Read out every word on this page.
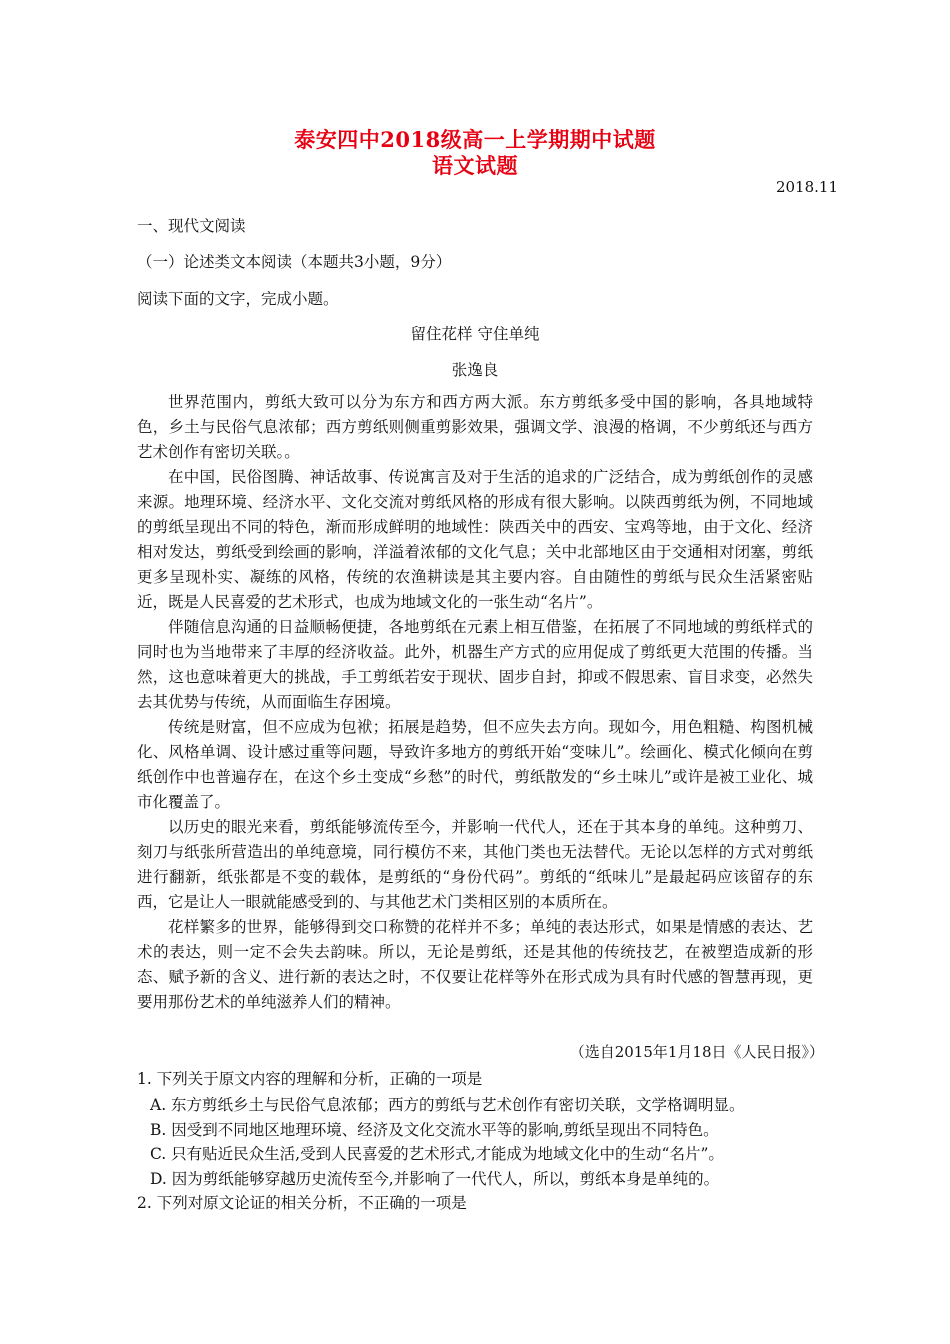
泰安四中2018级高一上学期期中试题
语文试题
2018.11
一、现代文阅读
（一）论述类文本阅读（本题共3小题，9分）
阅读下面的文字，完成小题。
留住花样 守住单纯
张逸良

世界范围内，剪纸大致可以分为东方和西方两大派。东方剪纸多受中国的影响，各具地域特色，乡土与民俗气息浓郁；西方剪纸则侧重剪影效果，强调文学、浪漫的格调，不少剪纸还与西方艺术创作有密切关联。。

在中国，民俗图腾、神话故事、传说寓言及对于生活的追求的广泛结合，成为剪纸创作的灵感来源。地理环境、经济水平、文化交流对剪纸风格的形成有很大影响。以陕西剪纸为例，不同地域的剪纸呈现出不同的特色，渐而形成鲜明的地域性：陕西关中的西安、宝鸡等地，由于文化、经济相对发达，剪纸受到绘画的影响，洋溢着浓郁的文化气息；关中北部地区由于交通相对闭塞，剪纸更多呈现朴实、凝练的风格，传统的农渔耕读是其主要内容。自由随性的剪纸与民众生活紧密贴近，既是人民喜爱的艺术形式，也成为地域文化的一张生动“名片”。

伴随信息沟通的日益顺畅便捷，各地剪纸在元素上相互借鉴，在拓展了不同地域的剪纸样式的同时也为当地带来了丰厚的经济收益。此外，机器生产方式的应用促成了剪纸更大范围的传播。当然，这也意味着更大的挑战，手工剪纸若安于现状、固步自封，抑或不假思索、盲目求变，必然失去其优势与传统，从而面临生存困境。

传统是财富，但不应成为包袱；拓展是趋势，但不应失去方向。现如今，用色粗糙、构图机械化、风格单调、设计感过重等问题，导致许多地方的剪纸开始“变味儿”。绘画化、模式化倾向在剪纸创作中也普遍存在，在这个乡土变成“乡愁”的时代，剪纸散发的“乡土味儿”或许是被工业化、城市化覆盖了。

以历史的眼光来看，剪纸能够流传至今，并影响一代代人，还在于其本身的单纯。这种剪刀、刻刀与纸张所营造出的单纯意境，同行模仿不来，其他门类也无法替代。无论以怎样的方式对剪纸进行翻新，纸张都是不变的载体，是剪纸的“身份代码”。剪纸的“纸味儿”是最起码应该留存的东西，它是让人一眼就能感受到的、与其他艺术门类相区别的本质所在。

花样繁多的世界，能够得到交口称赞的花样并不多；单纯的表达形式，如果是情感的表达、艺术的表达，则一定不会失去韵味。所以，无论是剪纸，还是其他的传统技艺，在被塑造成新的形态、赋予新的含义、进行新的表达之时，不仅要让花样等外在形式成为具有时代感的智慧再现，更要用那份艺术的单纯滋养人们的精神。

（选自2015年1月18日《人民日报》）
1. 下列关于原文内容的理解和分析，正确的一项是
A. 东方剪纸乡土与民俗气息浓郁；西方的剪纸与艺术创作有密切关联，文学格调明显。
B. 因受到不同地区地理环境、经济及文化交流水平等的影响,剪纸呈现出不同特色。
C. 只有贴近民众生活,受到人民喜爱的艺术形式,才能成为地域文化中的生动“名片”。
D. 因为剪纸能够穿越历史流传至今,并影响了一代代人，所以，剪纸本身是单纯的。
2. 下列对原文论证的相关分析，不正确的一项是
